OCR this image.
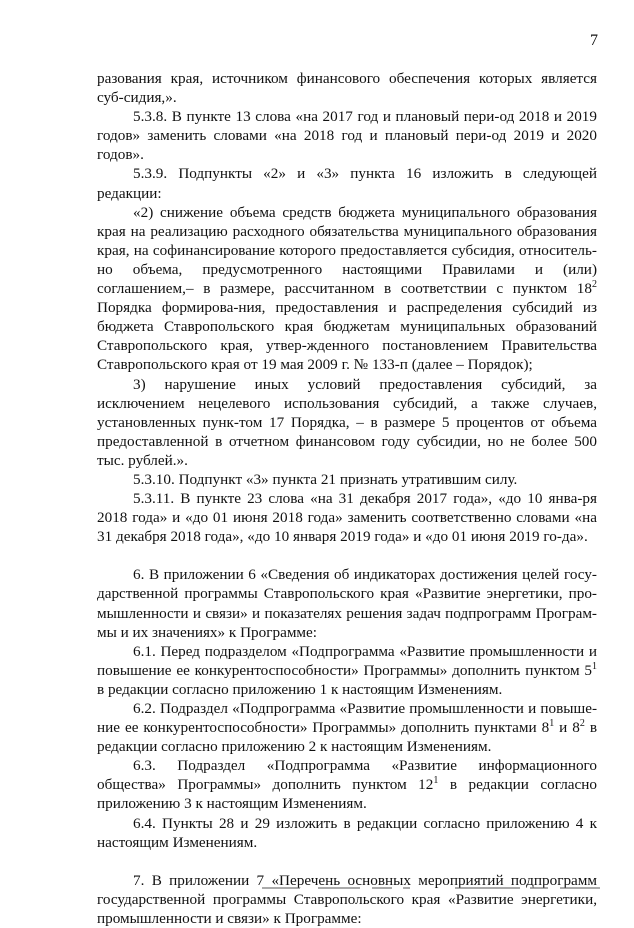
7

разования края, источником финансового обеспечения которых является суб-сидия,».

5.3.8. В пункте 13 слова «на 2017 год и плановый пери-од 2018 и 2019 годов» заменить словами «на 2018 год и плановый пери-од 2019 и 2020 годов».

5.3.9. Подпункты «2» и «3» пункта 16 изложить в следующей редакции:

«2) снижение объема средств бюджета муниципального образования края на реализацию расходного обязательства муниципального образования края, на софинансирование которого предоставляется субсидия, относитель-но объема, предусмотренного настоящими Правилами и (или) соглашением,– в размере, рассчитанном в соответствии с пунктом $18^2$ Порядка формирова-ния, предоставления и распределения субсидий из бюджета Ставропольского края бюджетам муниципальных образований Ставропольского края, утвер-жденного постановлением Правительства Ставропольского края от 19 мая 2009 г. № 133-п (далее – Порядок);

3) нарушение иных условий предоставления субсидий, за исключением нецелевого использования субсидий, а также случаев, установленных пунк-том 17 Порядка, – в размере 5 процентов от объема предоставленной в отчетном финансовом году субсидии, но не более 500 тыс. рублей.».

5.3.10. Подпункт «3» пункта 21 признать утратившим силу.

5.3.11. В пункте 23 слова «на 31 декабря 2017 года», «до 10 янва-ря 2018 года» и «до 01 июня 2018 года» заменить соответственно словами «на 31 декабря 2018 года», «до 10 января 2019 года» и «до 01 июня 2019 го-да».

6. В приложении 6 «Сведения об индикаторах достижения целей госу-дарственной программы Ставропольского края «Развитие энергетики, про-мышленности и связи» и показателях решения задач подпрограмм Програм-мы и их значениях» к Программе:

6.1. Перед подразделом «Подпрограмма «Развитие промышленности и повышение ее конкурентоспособности» Программы» дополнить пунктом $5^1$ в редакции согласно приложению 1 к настоящим Изменениям.

6.2. Подраздел «Подпрограмма «Развитие промышленности и повыше-ние ее конкурентоспособности» Программы» дополнить пунктами $8^1$ и $8^2$ в редакции согласно приложению 2 к настоящим Изменениям.

6.3. Подраздел «Подпрограмма «Развитие информационного общества» Программы» дополнить пунктом $12^1$ в редакции согласно приложению 3 к настоящим Изменениям.

6.4. Пункты 28 и 29 изложить в редакции согласно приложению 4 к настоящим Изменениям.

7. В приложении 7 «Перечень основных мероприятий подпрограмм государственной программы Ставропольского края «Развитие энергетики, промышленности и связи» к Программе:
